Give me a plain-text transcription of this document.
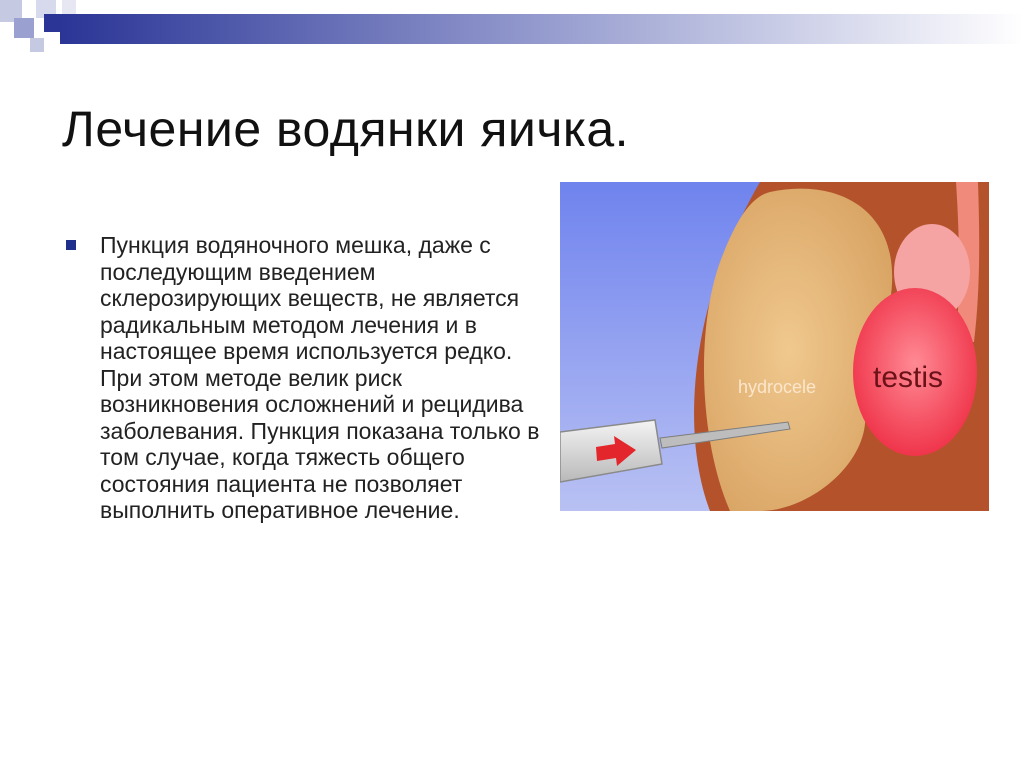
Лечение водянки яичка.

Пункция водяночного мешка, даже с последующим введением склерозирующих веществ, не является радикальным методом лечения и в настоящее время используется редко. При этом методе велик риск возникновения осложнений и рецидива заболевания. Пункция показана только в том случае, когда тяжесть общего состояния пациента не позволяет выполнить оперативное лечение.

hydrocele testis
